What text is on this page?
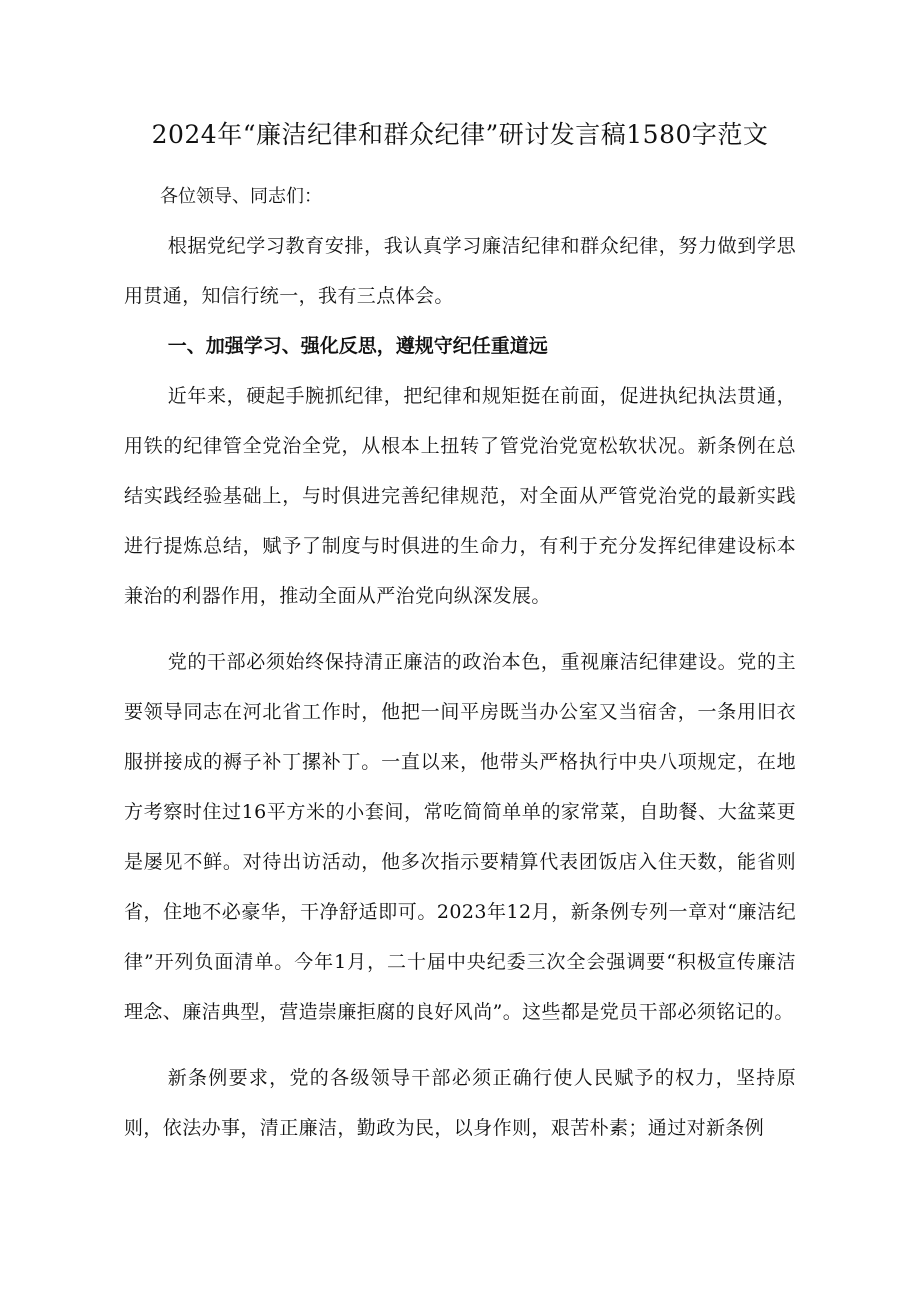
2024年“廉洁纪律和群众纪律”研讨发言稿1580字范文

各位领导、同志们：

根据党纪学习教育安排，我认真学习廉洁纪律和群众纪律，努力做到学思用贯通，知信行统一，我有三点体会。

一、加强学习、强化反思，遵规守纪任重道远

近年来，硬起手腕抓纪律，把纪律和规矩挺在前面，促进执纪执法贯通，用铁的纪律管全党治全党，从根本上扭转了管党治党宽松软状况。新条例在总结实践经验基础上，与时俱进完善纪律规范，对全面从严管党治党的最新实践进行提炼总结，赋予了制度与时俱进的生命力，有利于充分发挥纪律建设标本兼治的利器作用，推动全面从严治党向纵深发展。

党的干部必须始终保持清正廉洁的政治本色，重视廉洁纪律建设。党的主要领导同志在河北省工作时，他把一间平房既当办公室又当宿舍，一条用旧衣服拼接成的褥子补丁摞补丁。一直以来，他带头严格执行中央八项规定，在地方考察时住过16平方米的小套间，常吃简简单单的家常菜，自助餐、大盆菜更是屡见不鲜。对待出访活动，他多次指示要精算代表团饭店入住天数，能省则省，住地不必豪华，干净舒适即可。2023年12月，新条例专列一章对“廉洁纪律”开列负面清单。今年1月，二十届中央纪委三次全会强调要“积极宣传廉洁理念、廉洁典型，营造崇廉拒腐的良好风尚”。这些都是党员干部必须铭记的。

新条例要求，党的各级领导干部必须正确行使人民赋予的权力，坚持原则，依法办事，清正廉洁，勤政为民，以身作则，艰苦朴素；通过对新条例
